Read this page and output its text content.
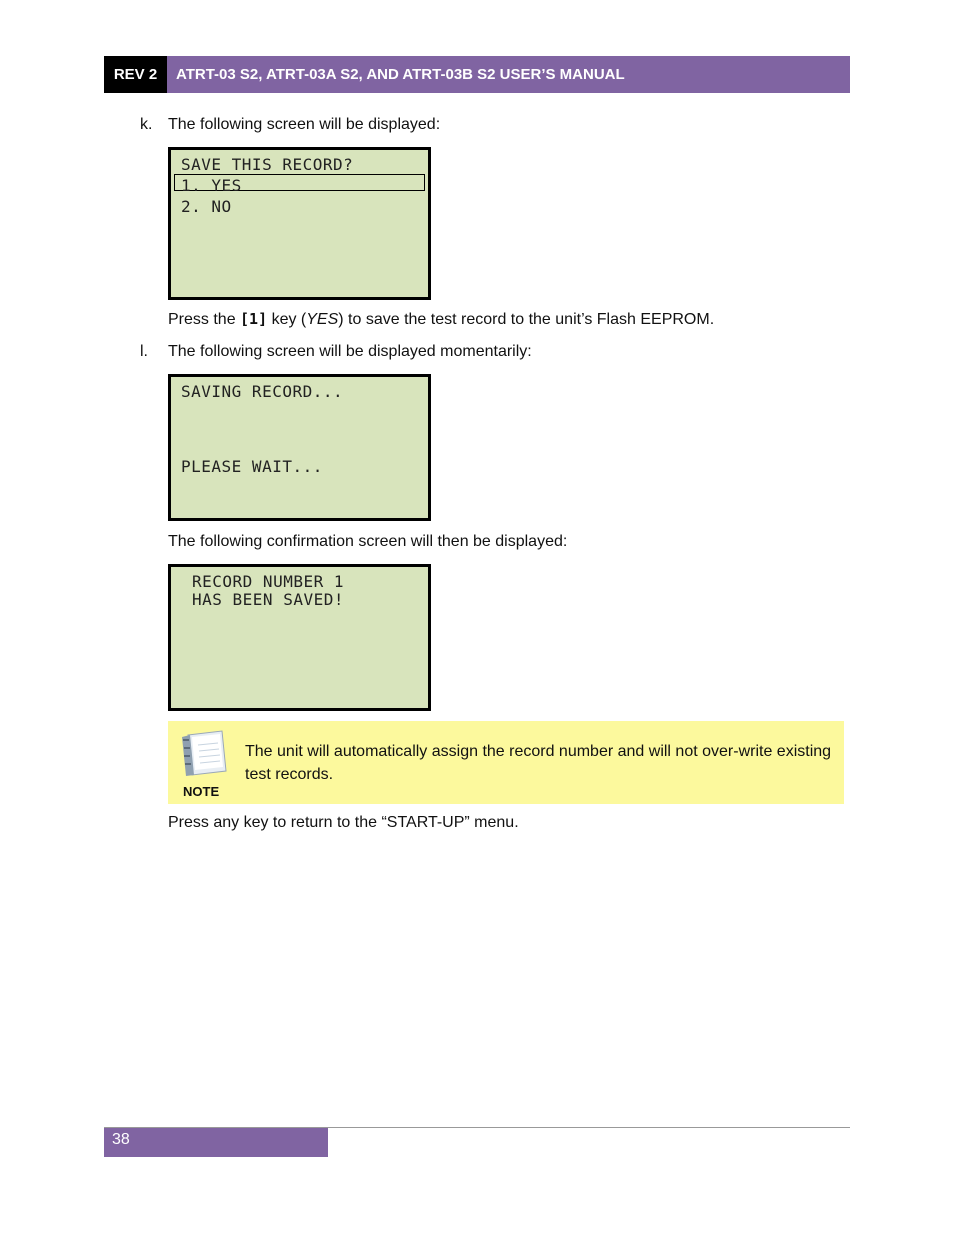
REV 2	ATRT-03 S2, ATRT-03A S2, AND ATRT-03B S2 USER’S MANUAL
k. The following screen will be displayed:
SAVE THIS RECORD?
1. YES
2. NO
Press the [1] key (YES) to save the test record to the unit’s Flash EEPROM.
l. The following screen will be displayed momentarily:
SAVING RECORD...
PLEASE WAIT...
The following confirmation screen will then be displayed:
RECORD NUMBER 1
HAS BEEN SAVED!
NOTE
The unit will automatically assign the record number and will not over-write existing test records.
Press any key to return to the “START-UP” menu.
38
